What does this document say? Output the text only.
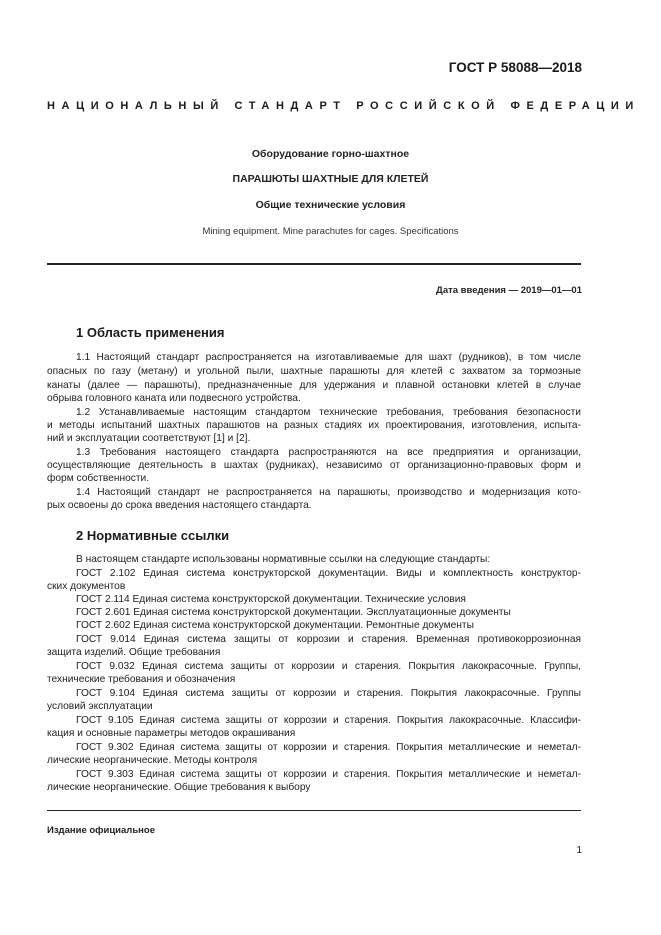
ГОСТ Р 58088—2018
НАЦИОНАЛЬНЫЙ СТАНДАРТ РОССИЙСКОЙ ФЕДЕРАЦИИ
Оборудование горно-шахтное
ПАРАШЮТЫ ШАХТНЫЕ ДЛЯ КЛЕТЕЙ
Общие технические условия
Mining equipment. Mine parachutes for cages. Specifications
Дата введения — 2019—01—01
1 Область применения
1.1 Настоящий стандарт распространяется на изготавливаемые для шахт (рудников), в том числе
опасных по газу (метану) и угольной пыли, шахтные парашюты для клетей с захватом за тормозные
канаты (далее — парашюты), предназначенные для удержания и плавной остановки клетей в случае
обрыва головного каната или подвесного устройства.
1.2 Устанавливаемые настоящим стандартом технические требования, требования безопасности
и методы испытаний шахтных парашютов на разных стадиях их проектирования, изготовления, испыта-
ний и эксплуатации соответствуют [1] и [2].
1.3 Требования настоящего стандарта распространяются на все предприятия и организации,
осуществляющие деятельность в шахтах (рудниках), независимо от организационно-правовых форм и
форм собственности.
1.4 Настоящий стандарт не распространяется на парашюты, производство и модернизация кото-
рых освоены до срока введения настоящего стандарта.
2 Нормативные ссылки
В настоящем стандарте использованы нормативные ссылки на следующие стандарты:
ГОСТ 2.102 Единая система конструкторской документации. Виды и комплектность конструктор-
ских документов
ГОСТ 2.114 Единая система конструкторской документации. Технические условия
ГОСТ 2.601 Единая система конструкторской документации. Эксплуатационные документы
ГОСТ 2.602 Единая система конструкторской документации. Ремонтные документы
ГОСТ 9.014 Единая система защиты от коррозии и старения. Временная противокоррозионная
защита изделий. Общие требования
ГОСТ 9.032 Единая система защиты от коррозии и старения. Покрытия лакокрасочные. Группы,
технические требования и обозначения
ГОСТ 9.104 Единая система защиты от коррозии и старения. Покрытия лакокрасочные. Группы
условий эксплуатации
ГОСТ 9.105 Единая система защиты от коррозии и старения. Покрытия лакокрасочные. Классифи-
кация и основные параметры методов окрашивания
ГОСТ 9.302 Единая система защиты от коррозии и старения. Покрытия металлические и неметал-
лические неорганические. Методы контроля
ГОСТ 9.303 Единая система защиты от коррозии и старения. Покрытия металлические и неметал-
лические неорганические. Общие требования к выбору
Издание официальное
1
